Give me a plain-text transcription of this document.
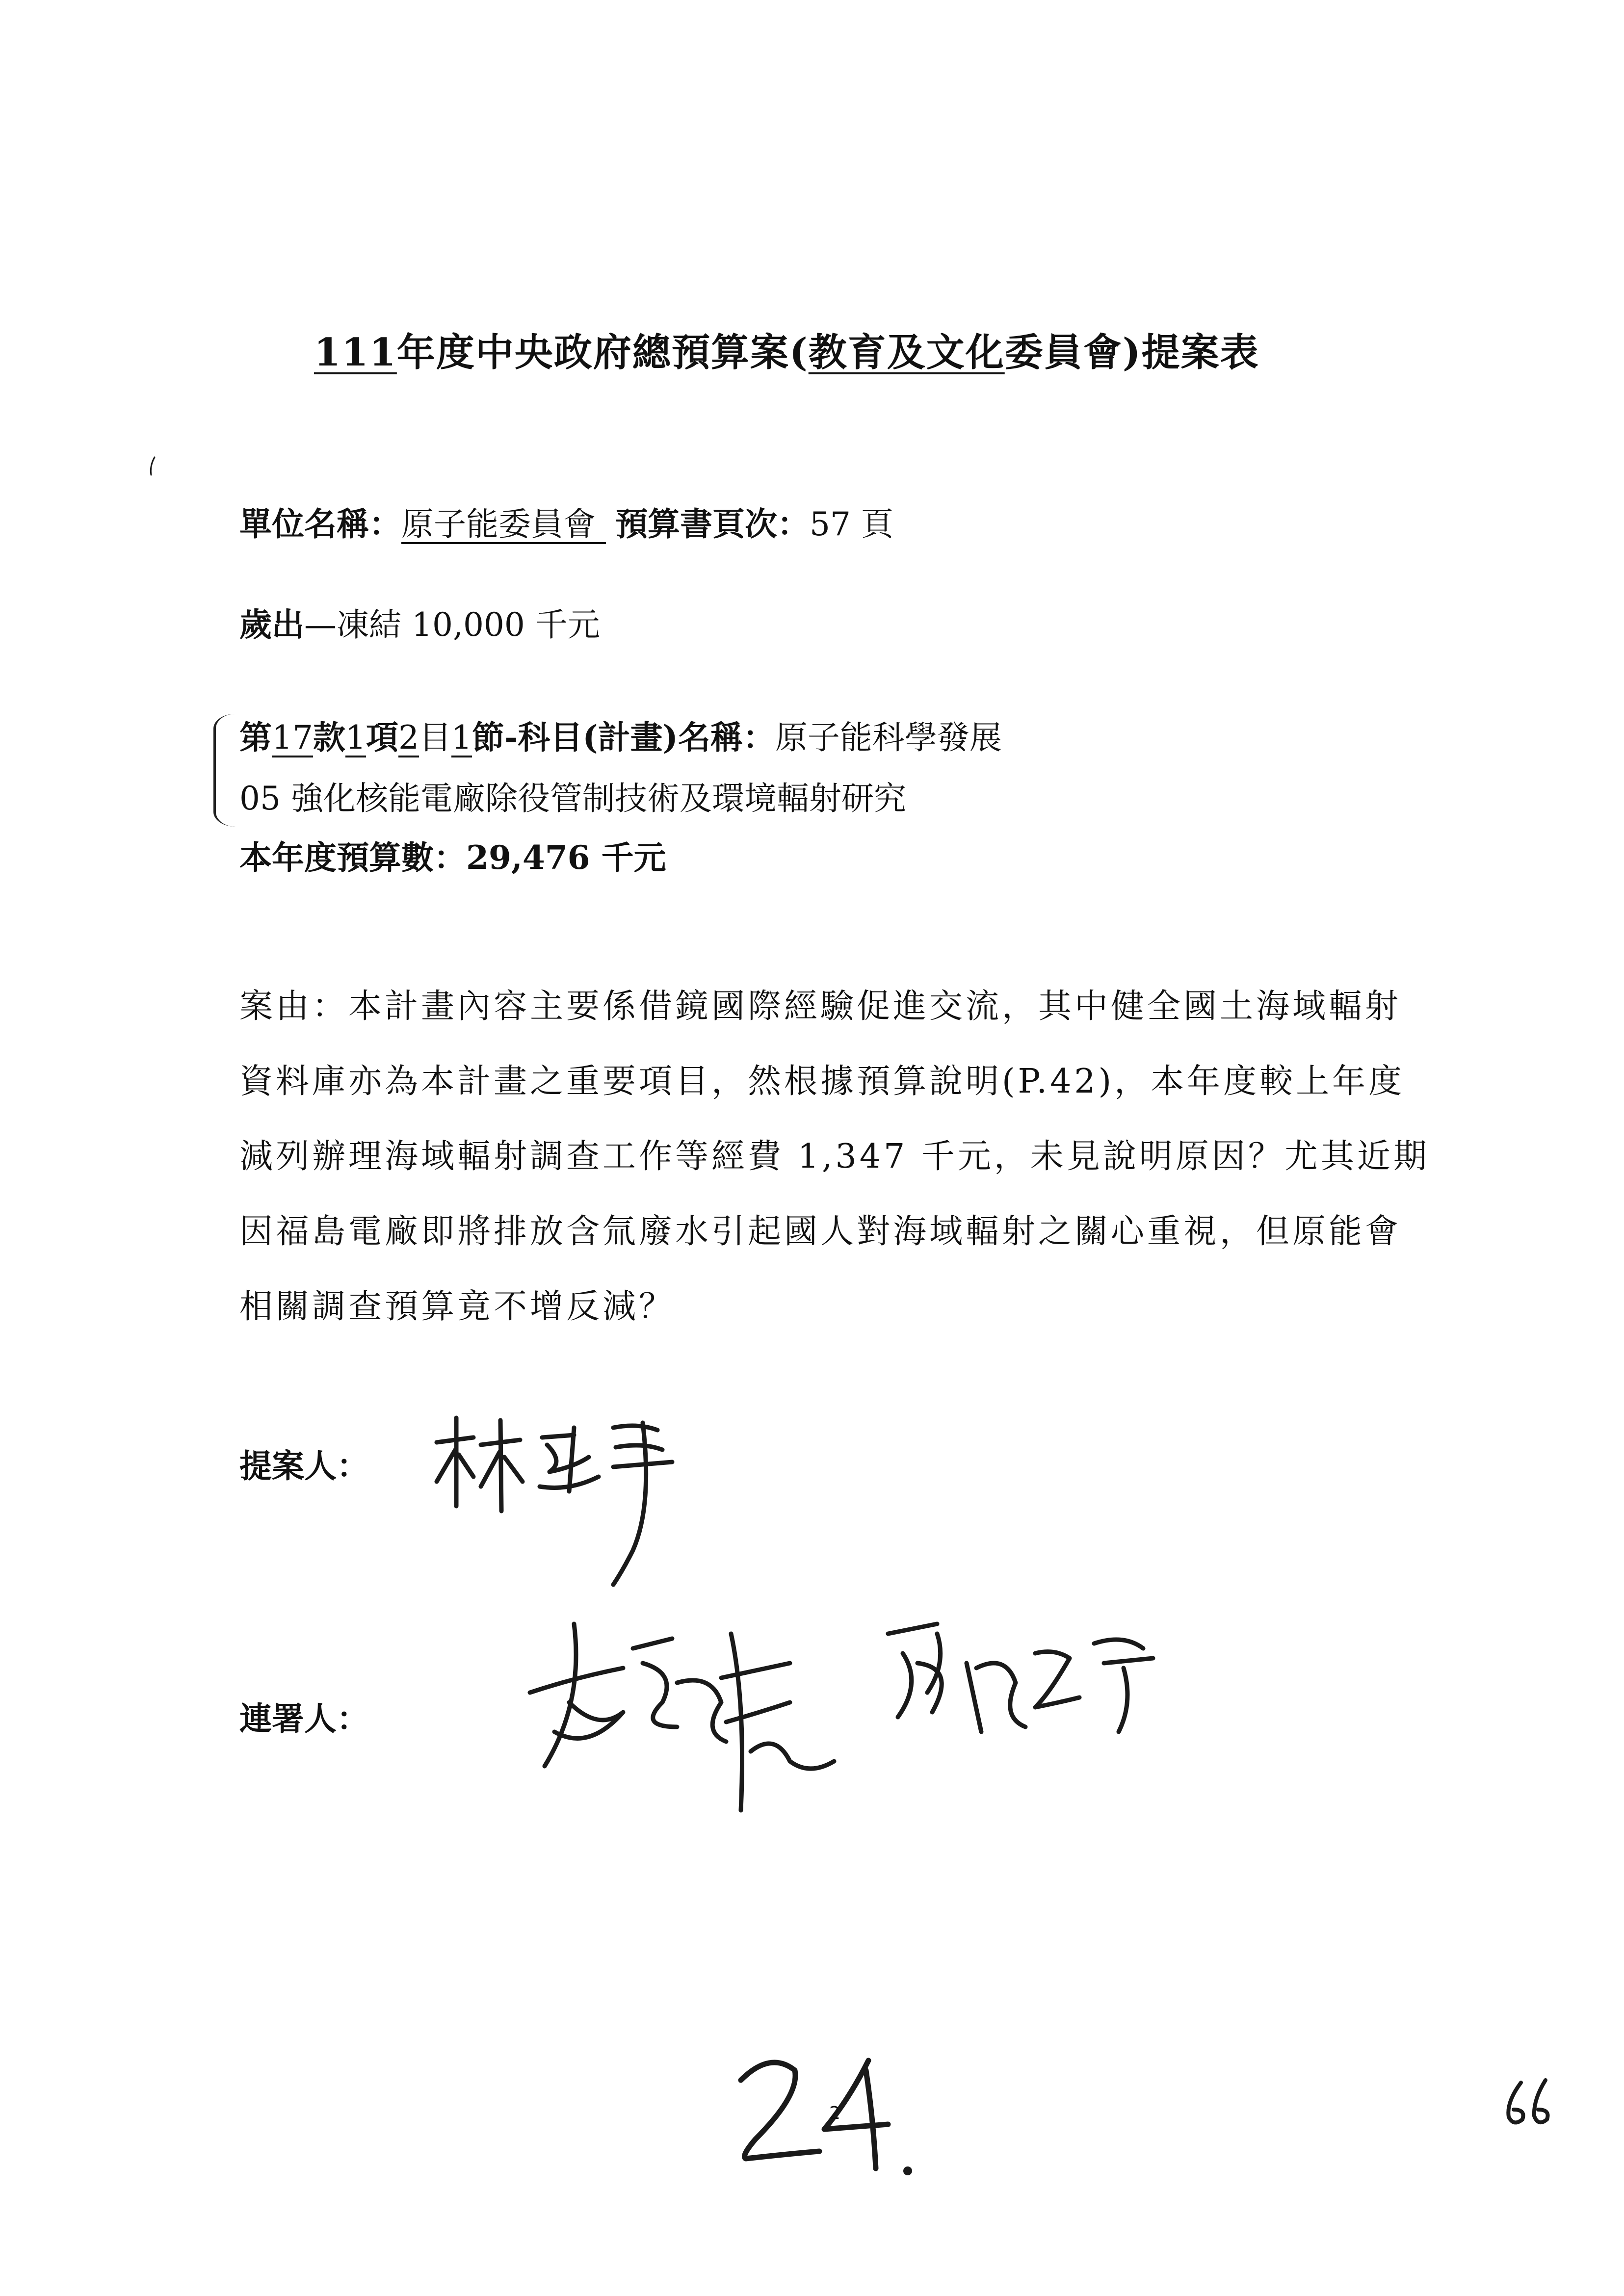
111年度中央政府總預算案(教育及文化委員會)提案表
單位名稱：原子能委員會 預算書頁次：57 頁
歲出—凍結 10,000 千元
第17款1項2目1節-科目(計畫)名稱：原子能科學發展
05 強化核能電廠除役管制技術及環境輻射研究
本年度預算數：29,476 千元
案由：本計畫內容主要係借鏡國際經驗促進交流，其中健全國土海域輻射資料庫亦為本計畫之重要項目，然根據預算說明(P.42)，本年度較上年度減列辦理海域輻射調查工作等經費 1,347 千元，未見說明原因？尤其近期因福島電廠即將排放含氚廢水引起國人對海域輻射之關心重視，但原能會相關調查預算竟不增反減？
提案人：
連署人：
2
